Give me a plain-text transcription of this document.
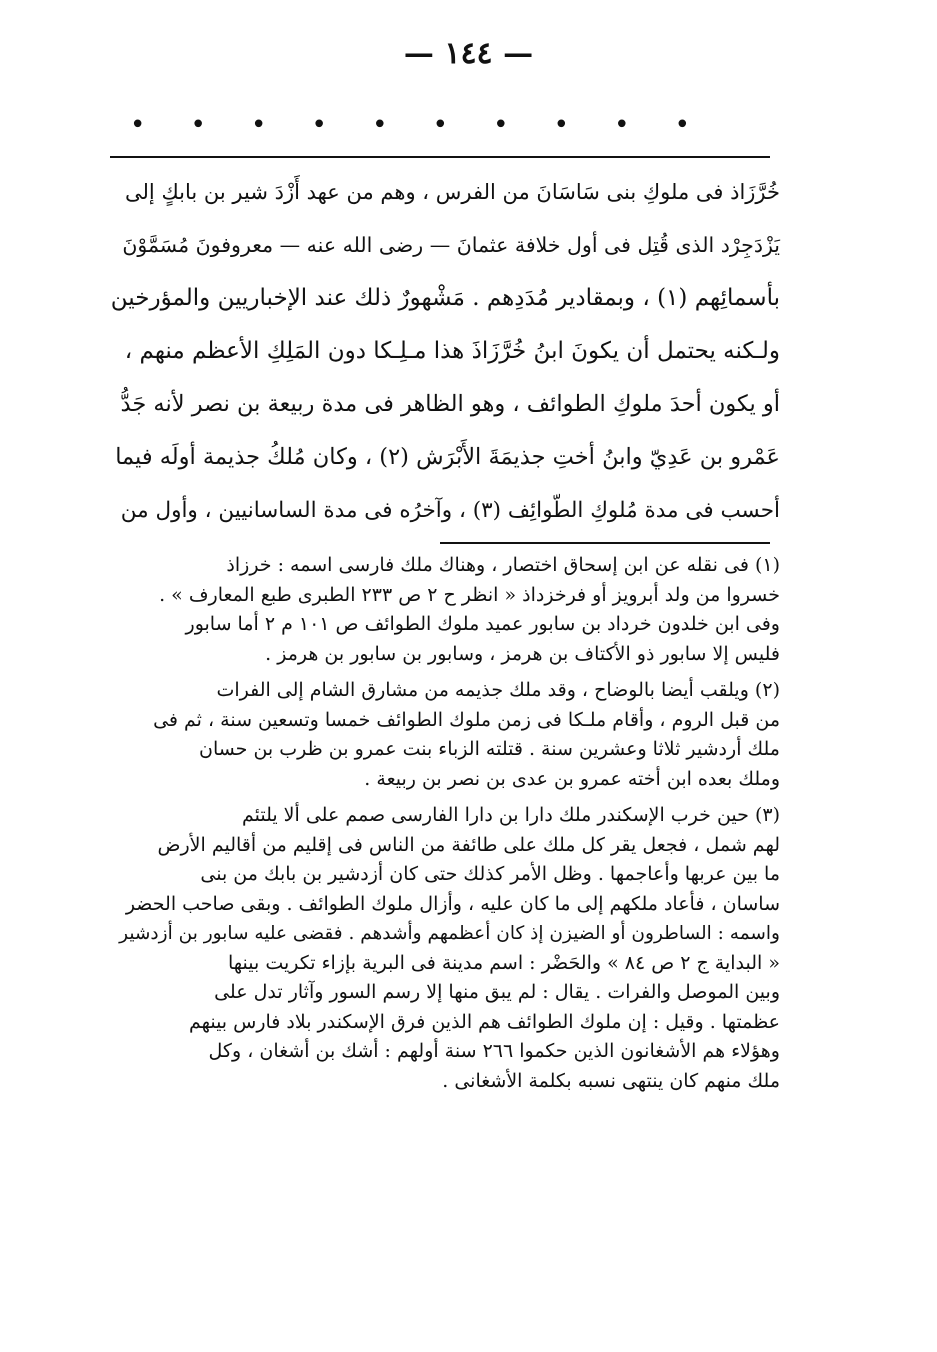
— ١٤٤ —
• • • • • • • • • •
خُرَّزَاذ فى ملوكِ بنى سَاسَانَ من الفرس ، وهم من عهد أَزْدَ شير بن بابكٍ إلى
يَزْدَجِرْد الذى قُتِل فى أول خلافة عثمانَ — رضى الله عنه — معروفونَ مُسَمَّوْنَ
بأسمائِهم (١) ، وبمقادير مُدَدِهم . مَشْهورٌ ذلك عند الإخباريين والمؤرخين
ولـكنه يحتمل أن يكونَ ابنُ خُرَّزَاذَ هذا مـلِـكا دون المَلِكِ الأعظم منهم ،
أو يكون أحدَ ملوكِ الطوائف ، وهو الظاهر فى مدة ربيعة بن نصر لأنه جَدُّ
عَمْرو بن عَدِيّ وابنُ أختِ جذيمَةَ الأَبْرَش (٢) ، وكان مُلكُ جذيمة أولَه فيما
أحسب فى مدة مُلوكِ الطّوائِف (٣) ، وآخرُه فى مدة الساسانيين ، وأول من
(١) فى نقله عن ابن إسحاق اختصار ، وهناك ملك فارسى اسمه : خرزاذ
خسروا من ولد أبرويز أو فرخزداذ « انظر ح ٢ ص ٢٣٣ الطبرى طبع المعارف » .
وفى ابن خلدون خرداد بن سابور عميد ملوك الطوائف ص ١٠١ م ٢ أما سابور
فليس إلا سابور ذو الأكتاف بن هرمز ، وسابور بن سابور بن هرمز .
(٢) ويلقب أيضا بالوضاح ، وقد ملك جذيمه من مشارق الشام إلى الفرات
من قبل الروم ، وأقام ملـكا فى زمن ملوك الطوائف خمسا وتسعين سنة ، ثم فى
ملك أردشير ثلاثا وعشرين سنة . قتلته الزباء بنت عمرو بن ظرب بن حسان
وملك بعده ابن أخته عمرو بن عدى بن نصر بن ربيعة .
(٣) حين خرب الإسكندر ملك دارا بن دارا الفارسى صمم على ألا يلتئم
لهم شمل ، فجعل يقر كل ملك على طائفة من الناس فى إقليم من أقاليم الأرض
ما بين عربها وأعاجمها . وظل الأمر كذلك حتى كان أزدشير بن بابك من بنى
ساسان ، فأعاد ملكهم إلى ما كان عليه ، وأزال ملوك الطوائف . وبقى صاحب الحضر
واسمه : الساطرون أو الضيزن إذ كان أعظمهم وأشدهم . فقضى عليه سابور بن أزدشير
« البداية ج ٢ ص ٨٤ » والحَضْر : اسم مدينة فى البرية بإزاء تكريت بينها
وبين الموصل والفرات . يقال : لم يبق منها إلا رسم السور وآثار تدل على
عظمتها . وقيل : إن ملوك الطوائف هم الذين فرق الإسكندر بلاد فارس بينهم
وهؤلاء هم الأشغانون الذين حكموا ٢٦٦ سنة أولهم : أشك بن أشغان ، وكل
ملك منهم كان ينتهى نسبه بكلمة الأشغانى .
